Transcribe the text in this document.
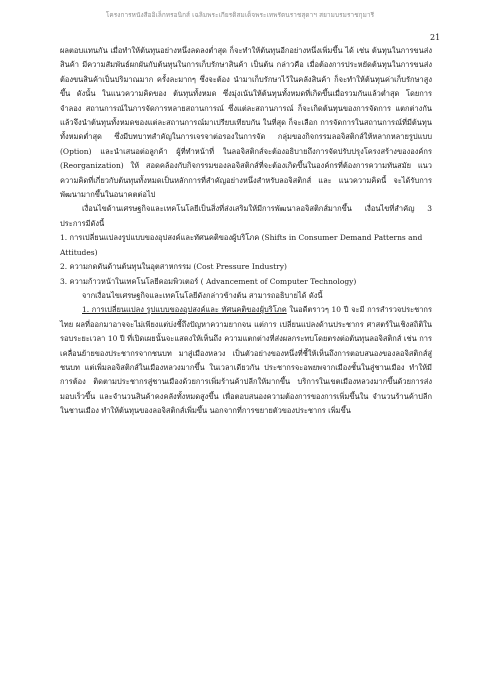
โครงการหนังสืออิเล็กทรอนิกส์ เฉลิมพระเกียรติสมเด็จพระเทพรัตนราชสุดาฯ สยามบรมราชกุมารี
21

ผลตอบแทนกัน เมื่อทำให้ต้นทุนอย่างหนึ่งลดลงต่ำสุด ก็จะทำให้ต้นทุนอีกอย่างหนึ่งเพิ่มขึ้น ได้ เช่น ต้นทุนในการขนส่งสินค้า มีความสัมพันธ์ผกผันกับต้นทุนในการเก็บรักษาสินค้า เป็นต้น กล่าวคือ เมื่อต้องการประหยัดต้นทุนในการขนส่ง ต้องขนสินค้าเป็นปริมาณมาก ครั้งละมากๆ ซึ่งจะต้อง นำมาเก็บรักษาไว้ในคลังสินค้า ก็จะทำให้ต้นทุนค่าเก็บรักษาสูงขึ้น ดังนั้น ในแนวความคิดของ ต้นทุนทั้งหมด ซึ่งมุ่งเน้นให้ต้นทุนทั้งหมดที่เกิดขึ้นเมื่อรวมกันแล้วต่ำสุด โดยการจำลอง สถานการณ์ในการจัดการหลายสถานการณ์ ซึ่งแต่ละสถานการณ์ ก็จะเกิดต้นทุนของการจัดการ แตกต่างกัน แล้วจึงนำต้นทุนทั้งหมดของแต่ละสถานการณ์มาเปรียบเทียบกัน ในที่สุด ก็จะเลือก การจัดการในสถานการณ์ที่มีต้นทุนทั้งหมดต่ำสุด ซึ่งมีบทบาทสำคัญในการเจรจาต่อรองในการจัด กลุ่มของกิจกรรมลอจิสติกส์ให้หลากหลายรูปแบบ (Option) และนำเสนอต่อลูกค้า ผู้ที่ทำหน้าที่ ในลอจิสติกส์จะต้องอธิบายถึงการจัดปรับปรุงโครงสร้างขององค์กร (Reorganization) ให้ สอดคล้องกับกิจกรรมของลอจิสติกส์ที่จะต้องเกิดขึ้นในองค์กรที่ต้องการความทันสมัย แนว ความคิดที่เกี่ยวกับต้นทุนทั้งหมดเป็นหลักการที่สำคัญอย่างหนึ่งสำหรับลอจิสติกส์ และ แนวความคิดนี้ จะได้รับการพัฒนามากขึ้นในอนาคตต่อไป

เงื่อนไขด้านเศรษฐกิจและเทคโนโลยีเป็นสิ่งที่ส่งเสริมให้มีการพัฒนาลอจิสติกส์มากขึ้น เงื่อนไขที่สำคัญ 3 ประการมีดังนี้

1. การเปลี่ยนแปลงรูปแบบของอุปสงค์และทัศนคติของผู้บริโภค (Shifts in Consumer Demand Patterns and Attitudes)

2. ความกดดันด้านต้นทุนในอุตสาหกรรม (Cost Pressure Industry)

3. ความก้าวหน้าในเทคโนโลยีคอมพิวเตอร์ ( Advancement of Computer Technology)

จากเงื่อนไขเศรษฐกิจและเทคโนโลยีดังกล่าวข้างต้น สามารถอธิบายได้ ดังนี้

1. การเปลี่ยนแปลง รูปแบบของอุปสงค์และ ทัศนคติของผู้บริโภค ในอดีตราวๆ 10 ปี จะมี การสำรวจประชากรไทย ผลที่ออกมาอาจจะไม่เพียงแต่บ่งชี้ถึงปัญหาความยากจน แต่การ เปลี่ยนแปลงด้านประชากร ศาสตร์ในเชิงสถิติในรอบระยะเวลา 10 ปี ที่เปิดเผยนั้นจะแสดงให้เห็นถึง ความแตกต่างที่ส่งผลกระทบโดยตรงต่อต้นทุนลอจิสติกส์ เช่น การเคลื่อนย้ายของประชากรจากชนบท มาสู่เมืองหลวง เป็นตัวอย่างของหนึ่งที่ชี้ให้เห็นถึงการตอบสนองของลอจิสติกส์สู่ชนบท แต่เพิ่มลอจิสติกส์ในเมืองหลวงมากขึ้น ในเวลาเดียวกัน ประชากรจะอพยพจากเมืองชั้นในสู่ชานเมือง ทำให้มีการต้อง ติดตามประชากรสู่ชานเมืองด้วยการเพิ่มร้านค้าปลีกให้มากขึ้น บริการในเขตเมืองหลวงมากขึ้นด้วยการส่งมอบเร็วขึ้น และจำนวนสินค้าคงคลังทั้งหมดสูงขึ้น เพื่อตอบสนองความต้องการของการเพิ่มขึ้นใน จำนวนร้านค้าปลีกในชานเมือง ทำให้ต้นทุนของลอจิสติกส์เพิ่มขึ้น นอกจากที่การขยายตัวของประชากร เพิ่มขึ้น
